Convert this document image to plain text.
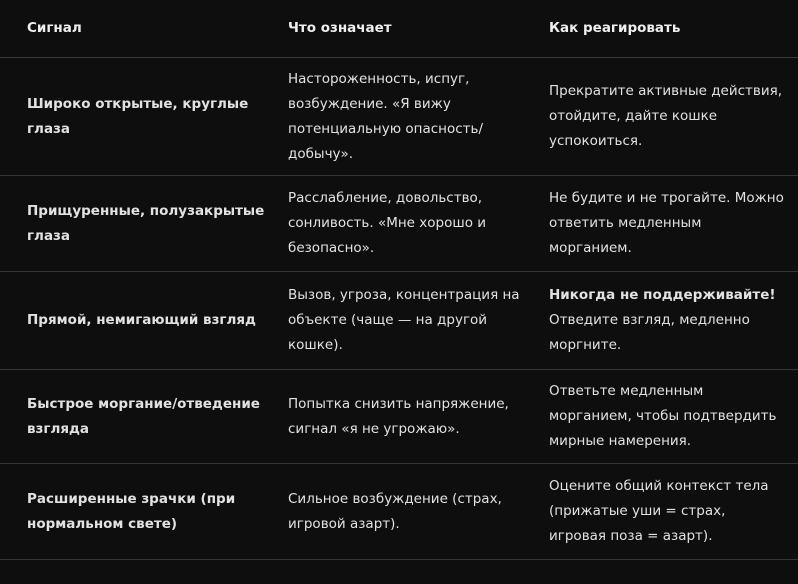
Сигнал	Что означает	Как реагировать
Широко открытые, круглые глаза
Настороженность, испуг, возбуждение. «Я вижу потенциальную опасность/добычу».
Прекратите активные действия, отойдите, дайте кошке успокоиться.
Прищуренные, полузакрытые глаза
Расслабление, довольство, сонливость. «Мне хорошо и безопасно».
Не будите и не трогайте. Можно ответить медленным морганием.
Прямой, немигающий взгляд
Вызов, угроза, концентрация на объекте (чаще — на другой кошке).
Никогда не поддерживайте!
Отведите взгляд, медленно моргните.
Быстрое моргание/отведение взгляда
Попытка снизить напряжение, сигнал «я не угрожаю».
Ответьте медленным морганием, чтобы подтвердить мирные намерения.
Расширенные зрачки (при нормальном свете)
Сильное возбуждение (страх, игровой азарт).
Оцените общий контекст тела (прижатые уши = страх, игровая поза = азарт).
